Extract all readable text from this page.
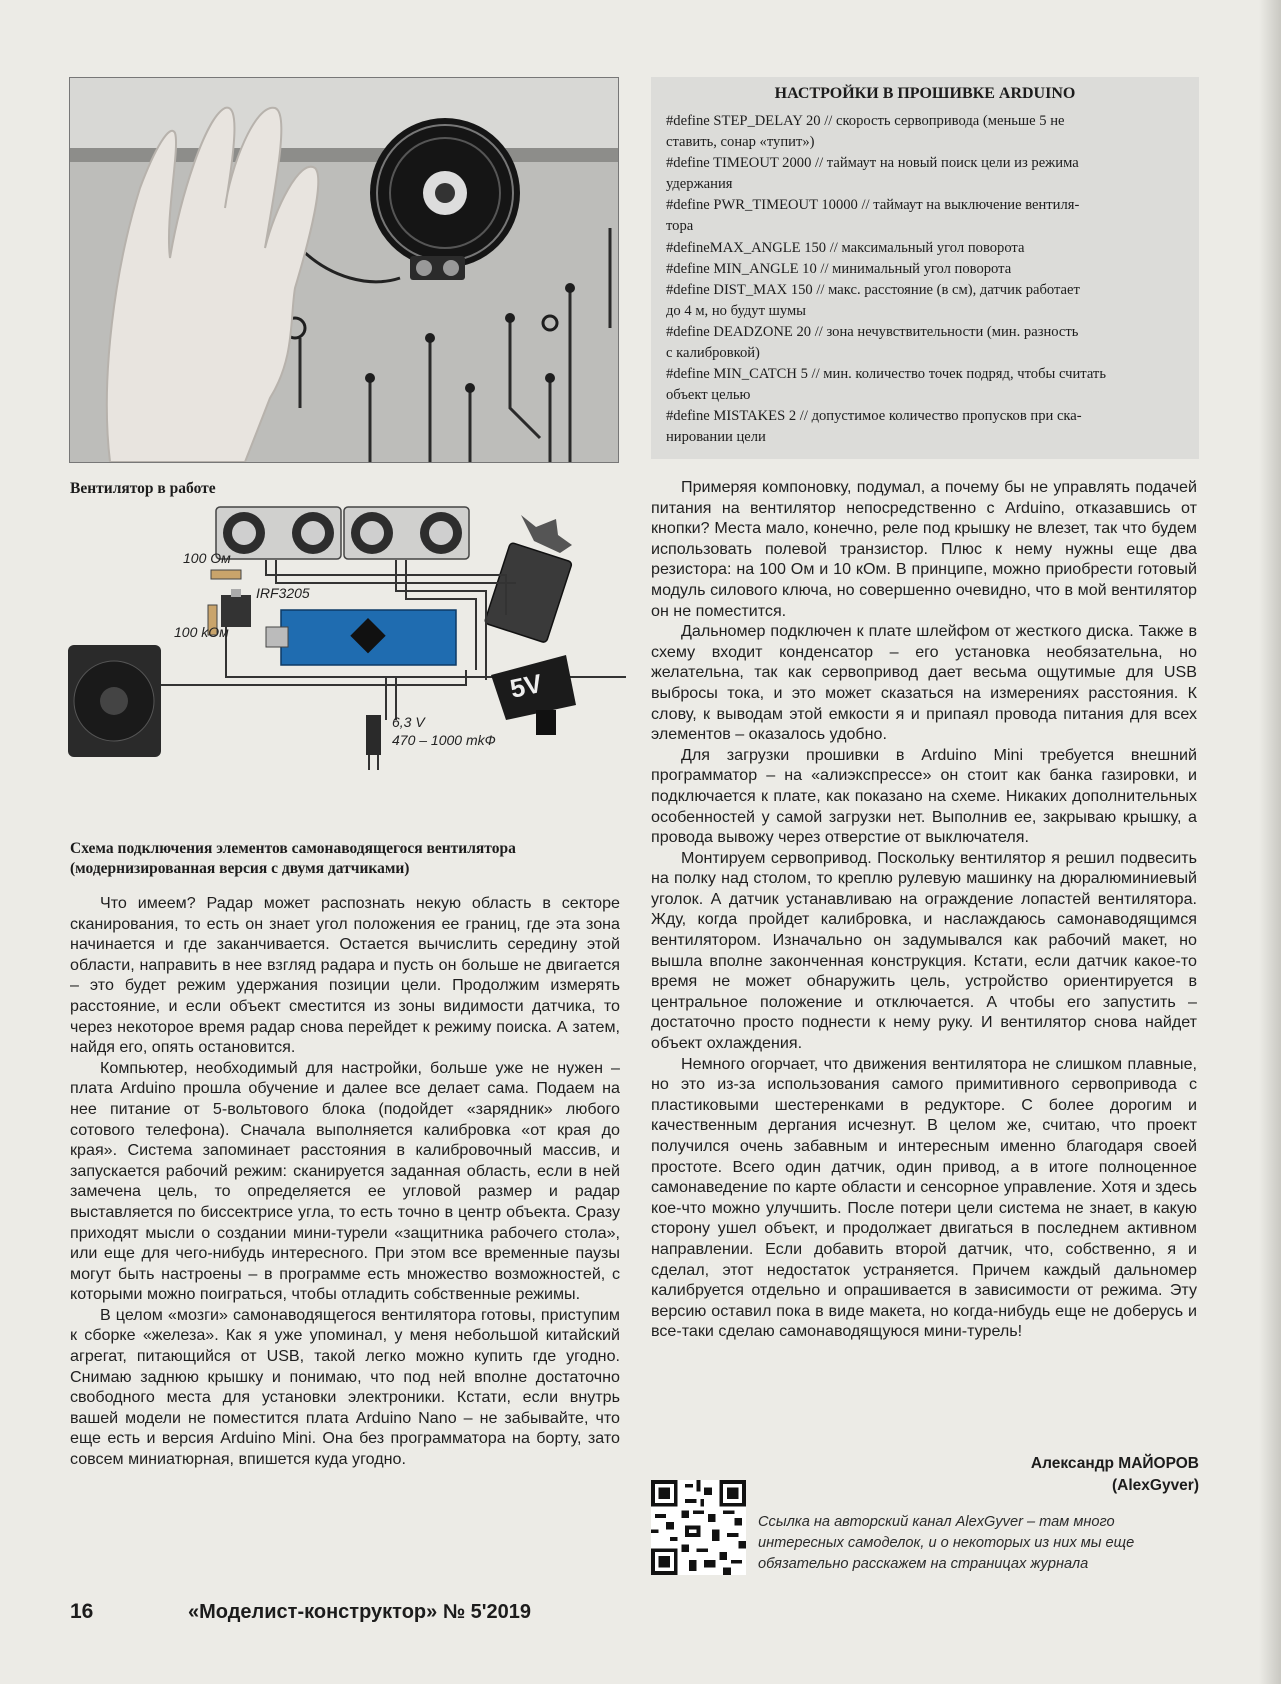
Вентилятор в работе
100 Ом
IRF3205
100 kОм
5V
6,3 V
470 – 1000 mkФ
Схема подключения элементов самонаводящегося вентилятора (модернизированная версия с двумя датчиками)
НАСТРОЙКИ В ПРОШИВКЕ ARDUINO
#define STEP_DELAY 20 // скорость сервопривода (меньше 5 не
ставить, сонар «тупит»)
#define TIMEOUT 2000 // таймаут на новый поиск цели из режима
удержания
#define PWR_TIMEOUT 10000 // таймаут на выключение вентиля-
тора
#defineMAX_ANGLE 150 // максимальный угол поворота
#define MIN_ANGLE 10 // минимальный угол поворота
#define DIST_MAX 150 // макс. расстояние (в см), датчик работает
до 4 м, но будут шумы
#define DEADZONE 20 // зона нечувствительности (мин. разность
с калибровкой)
#define MIN_CATCH 5 // мин. количество точек подряд, чтобы считать
объект целью
#define MISTAKES 2 // допустимое количество пропусков при ска-
нировании цели

Что имеем? Радар может распознать некую область в секторе сканирования, то есть он знает угол положения ее границ, где эта зона начинается и где заканчивается. Остается вычислить середину этой области, направить в нее взгляд радара и пусть он больше не двигается – это будет режим удержания позиции цели. Продолжим измерять расстояние, и если объект сместится из зоны видимости датчика, то через некоторое время радар снова перейдет к режиму поиска. А затем, найдя его, опять остановится.

Компьютер, необходимый для настройки, больше уже не нужен – плата Arduino прошла обучение и далее все делает сама. Подаем на нее питание от 5-вольтового блока (подойдет «зарядник» любого сотового телефона). Сначала выполняется калибровка «от края до края». Система запоминает расстояния в калибровочный массив, и запускается рабочий режим: сканируется заданная область, если в ней замечена цель, то определяется ее угловой размер и радар выставляется по биссектрисе угла, то есть точно в центр объекта. Сразу приходят мысли о создании мини-турели «защитника рабочего стола», или еще для чего-нибудь интересного. При этом все временные паузы могут быть настроены – в программе есть множество возможностей, с которыми можно поиграться, чтобы отладить собственные режимы.

В целом «мозги» самонаводящегося вентилятора готовы, приступим к сборке «железа». Как я уже упоминал, у меня небольшой китайский агрегат, питающийся от USB, такой легко можно купить где угодно. Снимаю заднюю крышку и понимаю, что под ней вполне достаточно свободного места для установки электроники. Кстати, если внутрь вашей модели не поместится плата Arduino Nano – не забывайте, что еще есть и версия Arduino Mini. Она без программатора на борту, зато совсем миниатюрная, впишется куда угодно.

Примеряя компоновку, подумал, а почему бы не управлять подачей питания на вентилятор непосредственно с Arduino, отказавшись от кнопки? Места мало, конечно, реле под крышку не влезет, так что будем использовать полевой транзистор. Плюс к нему нужны еще два резистора: на 100 Ом и 10 кОм. В принципе, можно приобрести готовый модуль силового ключа, но совершенно очевидно, что в мой вентилятор он не поместится.

Дальномер подключен к плате шлейфом от жесткого диска. Также в схему входит конденсатор – его установка необязательна, но желательна, так как сервопривод дает весьма ощутимые для USB выбросы тока, и это может сказаться на измерениях расстояния. К слову, к выводам этой емкости я и припаял провода питания для всех элементов – оказалось удобно.

Для загрузки прошивки в Arduino Mini требуется внешний программатор – на «алиэкспрессе» он стоит как банка газировки, и подключается к плате, как показано на схеме. Никаких дополнительных особенностей у самой загрузки нет. Выполнив ее, закрываю крышку, а провода вывожу через отверстие от выключателя.

Монтируем сервопривод. Поскольку вентилятор я решил подвесить на полку над столом, то креплю рулевую машинку на дюралюминиевый уголок. А датчик устанавливаю на ограждение лопастей вентилятора. Жду, когда пройдет калибровка, и наслаждаюсь самонаводящимся вентилятором. Изначально он задумывался как рабочий макет, но вышла вполне законченная конструкция. Кстати, если датчик какое-то время не может обнаружить цель, устройство ориентируется в центральное положение и отключается. А чтобы его запустить – достаточно просто поднести к нему руку. И вентилятор снова найдет объект охлаждения.

Немного огорчает, что движения вентилятора не слишком плавные, но это из-за использования самого примитивного сервопривода с пластиковыми шестеренками в редукторе. С более дорогим и качественным дергания исчезнут. В целом же, считаю, что проект получился очень забавным и интересным именно благодаря своей простоте. Всего один датчик, один привод, а в итоге полноценное самонаведение по карте области и сенсорное управление. Хотя и здесь кое-что можно улучшить. После потери цели система не знает, в какую сторону ушел объект, и продолжает двигаться в последнем активном направлении. Если добавить второй датчик, что, собственно, я и сделал, этот недостаток устраняется. Причем каждый дальномер калибруется отдельно и опрашивается в зависимости от режима. Эту версию оставил пока в виде макета, но когда-нибудь еще не доберусь и все-таки сделаю самонаводящуюся мини-турель!

Александр МАЙОРОВ
(AlexGyver)
Ссылка на авторский канал AlexGyver – там много интересных самоделок, и о некоторых из них мы еще обязательно расскажем на страницах журнала
16	«Моделист-конструктор» № 5'2019
